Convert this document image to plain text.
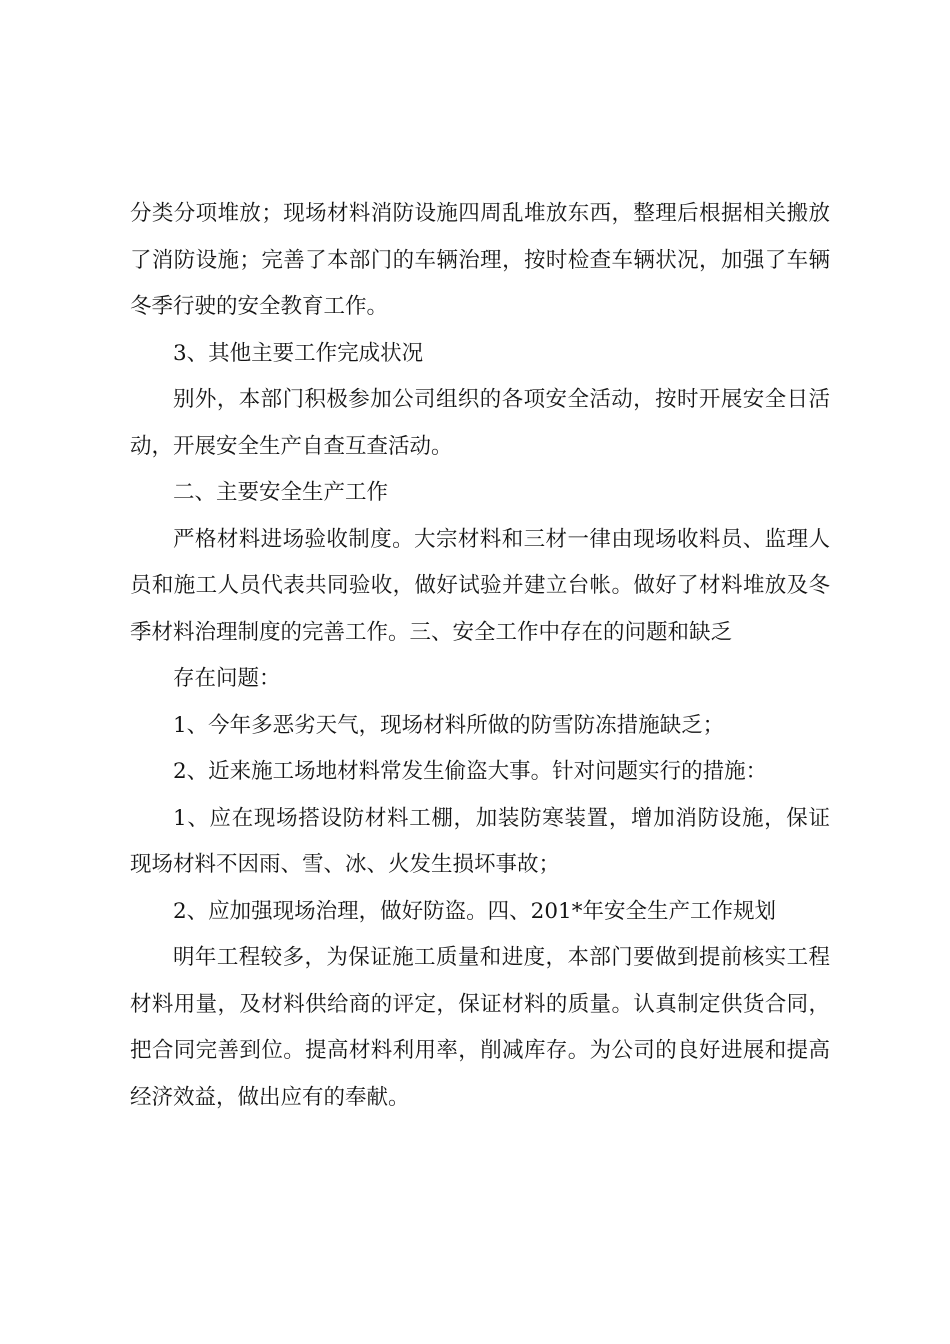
分类分项堆放；现场材料消防设施四周乱堆放东西，整理后根据相关搬放了消防设施；完善了本部门的车辆治理，按时检查车辆状况，加强了车辆冬季行驶的安全教育工作。

3、其他主要工作完成状况

别外，本部门积极参加公司组织的各项安全活动，按时开展安全日活动，开展安全生产自查互查活动。

二、主要安全生产工作

严格材料进场验收制度。大宗材料和三材一律由现场收料员、监理人员和施工人员代表共同验收，做好试验并建立台帐。做好了材料堆放及冬季材料治理制度的完善工作。三、安全工作中存在的问题和缺乏

存在问题：

1、今年多恶劣天气，现场材料所做的防雪防冻措施缺乏；

2、近来施工场地材料常发生偷盗大事。针对问题实行的措施：

1、应在现场搭设防材料工棚，加装防寒装置，增加消防设施，保证现场材料不因雨、雪、冰、火发生损坏事故；

2、应加强现场治理，做好防盗。四、201*年安全生产工作规划

明年工程较多，为保证施工质量和进度，本部门要做到提前核实工程材料用量，及材料供给商的评定，保证材料的质量。认真制定供货合同，把合同完善到位。提高材料利用率，削减库存。为公司的良好进展和提高经济效益，做出应有的奉献。
